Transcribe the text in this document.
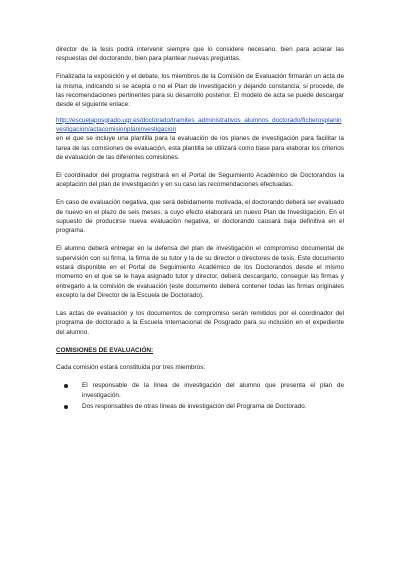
director de la tesis podrá intervenir siempre que lo considere necesario, bien para aclarar las respuestas del doctorando, bien para plantear nuevas preguntas.

Finalizada la exposición y el debate, los miembros de la Comisión de Evaluación firmarán un acta de la misma, indicando si se acepta o no el Plan de Investigación y dejando constancia, si procede, de las recomendaciones pertinentes para su desarrollo posterior. El modelo de acta se puede descargar desde el siguiente enlace:

http://escuelaposgrado.ugr.es/doctorado/tramites_administrativos_alumnos_doctorado/ficherosplaninvestigacion/actacomisionplaninvestigacion

en el que se incluye una plantilla para la evaluación de los planes de investigación para facilitar la tarea de las comisiones de evaluación, esta plantilla se utilizará como base para elaborar los criterios de evaluación de las diferentes comisiones.

El coordinador del programa registrará en el Portal de Seguimiento Académico de Doctorandos la aceptación del plan de investigación y en su caso las recomendaciones efectuadas.

En caso de evaluación negativa, que será debidamente motivada, el doctorando deberá ser evaluado de nuevo en el plazo de seis meses, a cuyo efecto elaborará un nuevo Plan de Investigación. En el supuesto de producirse nueva evaluación negativa, el doctorando causará baja definitiva en el programa.

El alumno deberá entregar en la defensa del plan de investigación el compromiso documental de supervisión con su firma, la firma de su tutor y la de su director o directores de tesis. Este documento estará disponible en el Portal de Seguimiento Académico de los Doctorandos desde el mismo momento en el que se le haya asignado tutor y director, deberá descargarlo, conseguir las firmas y entregarlo a la comisión de evaluación (este documento deberá contener todas las firmas originales excepto la del Director de la Escuela de Doctorado).

Las actas de evaluación y los documentos de compromiso serán remitidos por el coordinador del programa de doctorado a la Escuela Internacional de Posgrado para su inclusión en el expediente del alumno.

COMISIONES DE EVALUACIÓN:

Cada comisión estará constituida por tres miembros:

El responsable de la línea de investigación del alumno que presenta el plan de investigación.
Dos responsables de otras líneas de investigación del Programa de Doctorado.
